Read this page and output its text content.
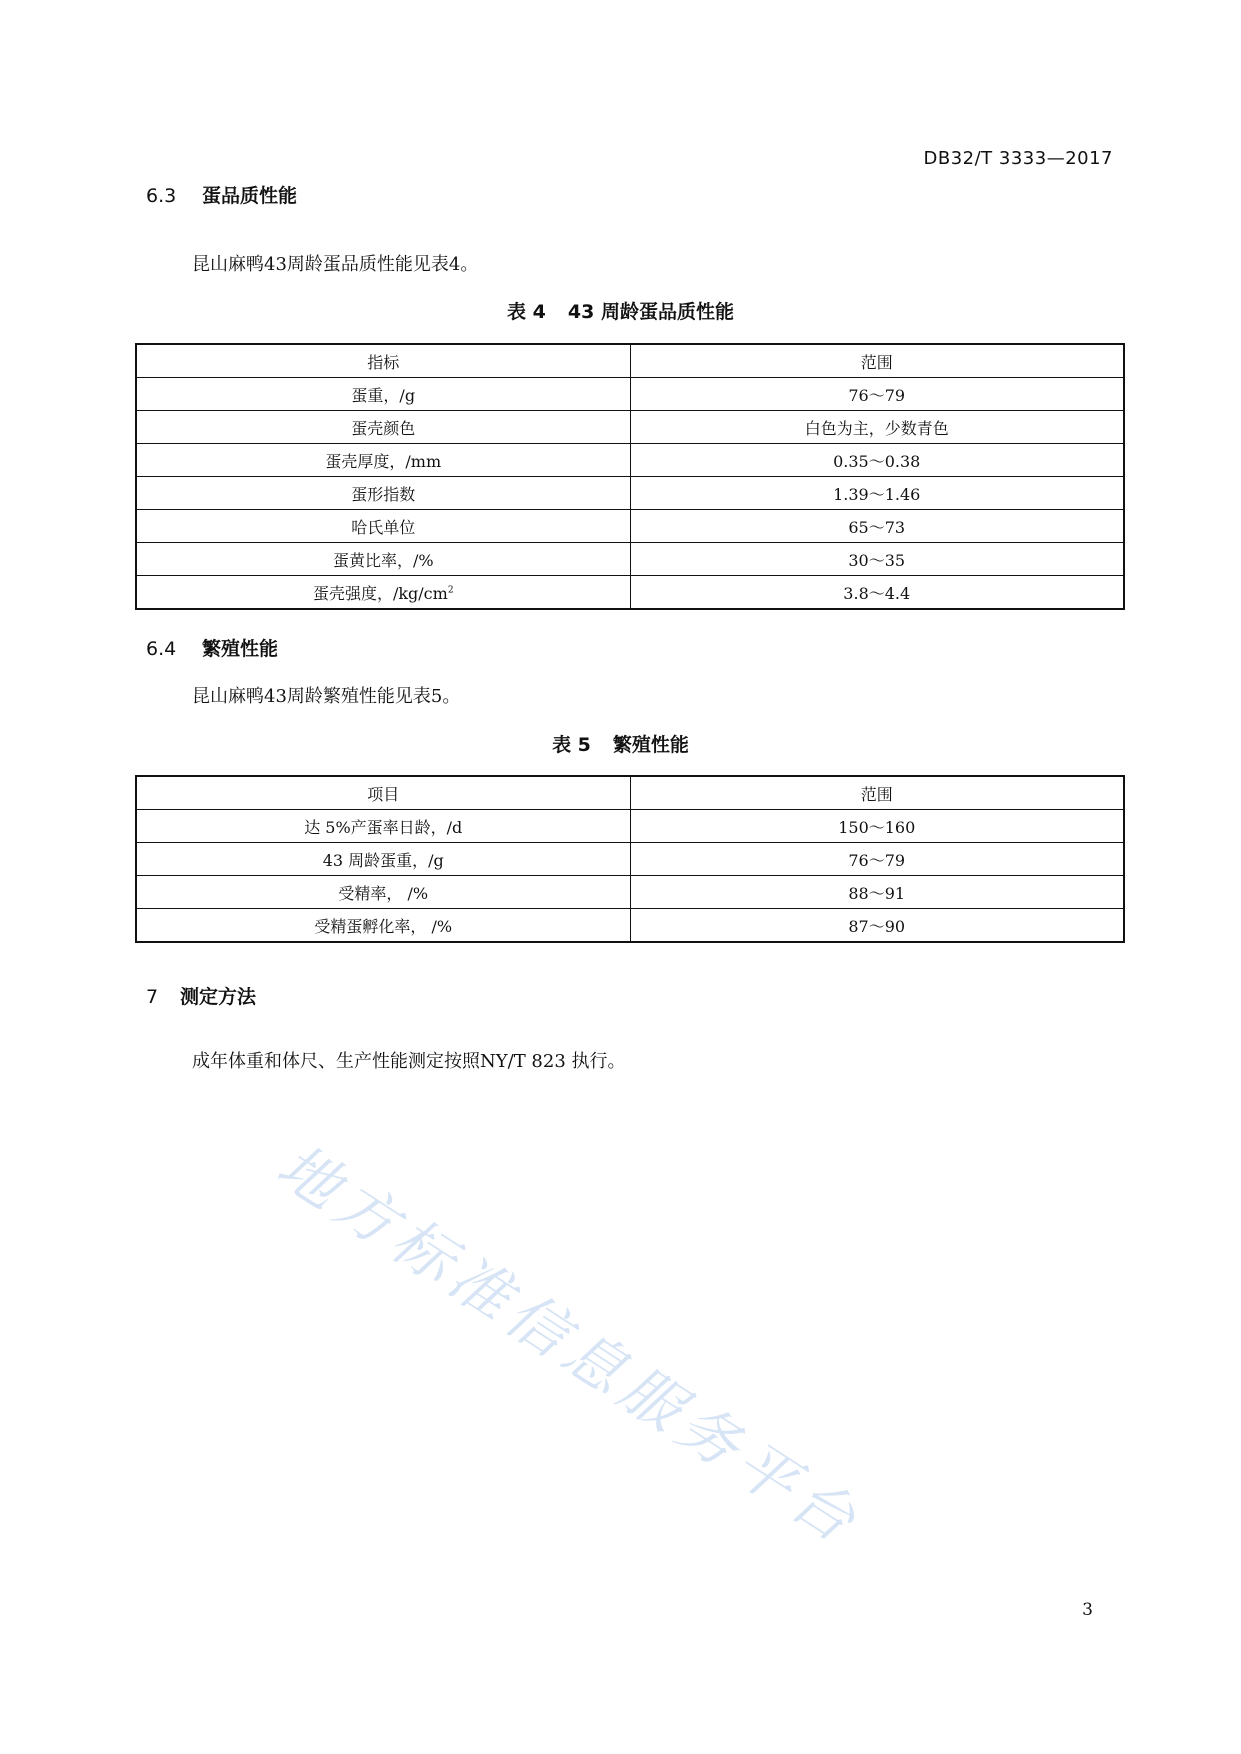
DB32/T 3333—2017
6.3 蛋品质性能
昆山麻鸭43周龄蛋品质性能见表4。
表 4 43 周龄蛋品质性能
指标	范围
蛋重，/g	76～79
蛋壳颜色	白色为主，少数青色
蛋壳厚度，/mm	0.35～0.38
蛋形指数	1.39～1.46
哈氏单位	65～73
蛋黄比率，/%	30～35
蛋壳强度，$/kg/cm^2$	3.8～4.4
6.4 繁殖性能
昆山麻鸭43周龄繁殖性能见表5。
表 5 繁殖性能
项目	范围
达 5%产蛋率日龄，/d	150～160
43 周龄蛋重，/g	76～79
受精率， /%	88～91
受精蛋孵化率， /%	87～90
7 测定方法
成年体重和体尺、生产性能测定按照NY/T 823 执行。
地方标准信息服务平台
3
